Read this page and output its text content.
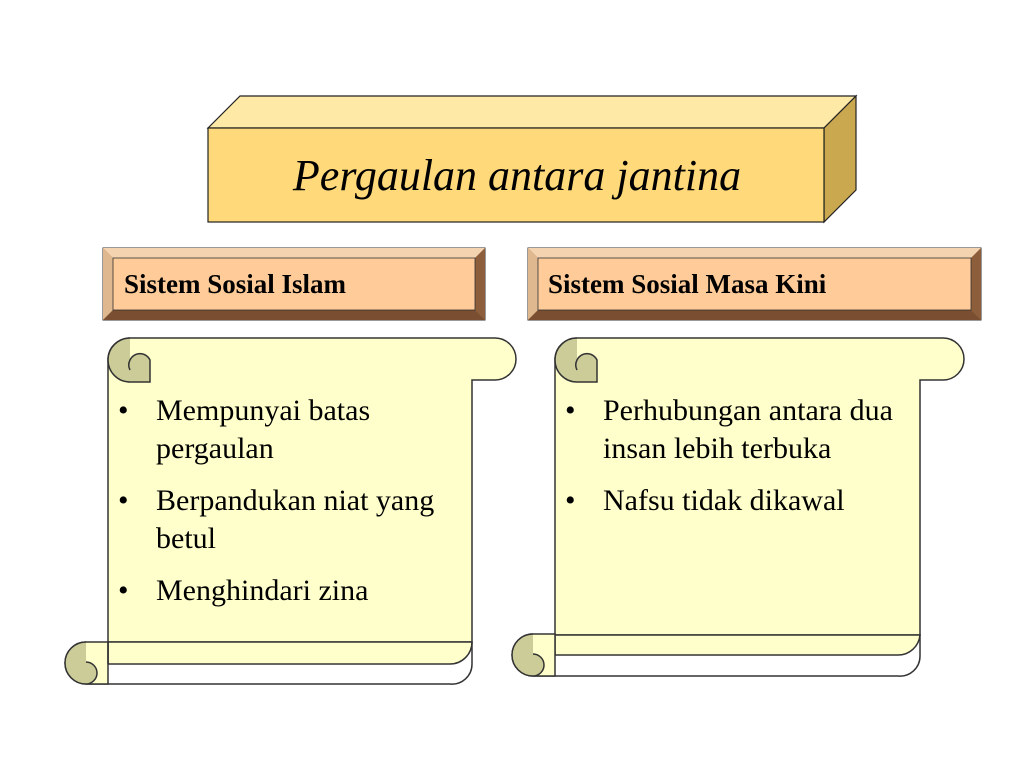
Pergaulan antara jantina
Sistem Sosial Islam	Sistem Sosial Masa Kini
• Mempunyai batas pergaulan
• Berpandukan niat yang betul
• Menghindari zina
• Perhubungan antara dua insan lebih terbuka
• Nafsu tidak dikawal
